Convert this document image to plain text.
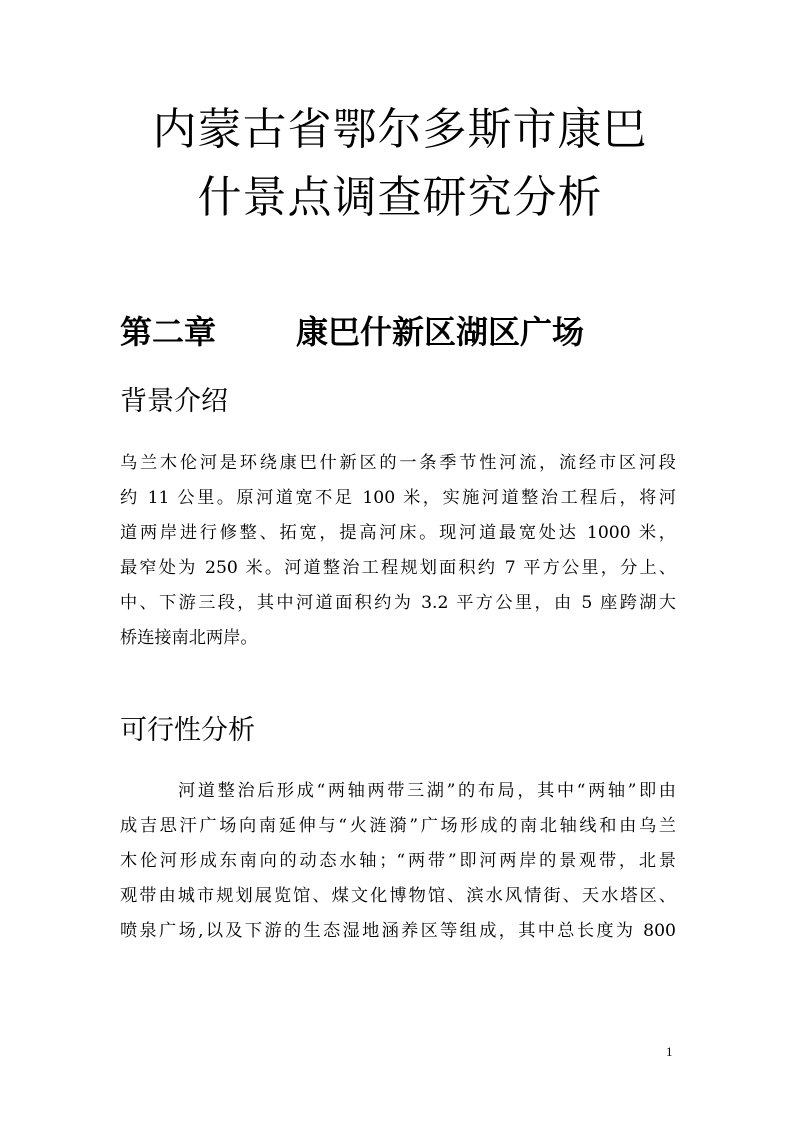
内蒙古省鄂尔多斯市康巴
什景点调查研究分析
第二章 康巴什新区湖区广场
背景介绍
乌兰木伦河是环绕康巴什新区的一条季节性河流，流经市区河段
约 11 公里。原河道宽不足 100 米，实施河道整治工程后，将河
道两岸进行修整、拓宽，提高河床。现河道最宽处达 1000 米，
最窄处为 250 米。河道整治工程规划面积约 7 平方公里，分上、
中、下游三段，其中河道面积约为 3.2 平方公里，由 5 座跨湖大
桥连接南北两岸。
可行性分析
河道整治后形成“两轴两带三湖”的布局，其中“两轴”即由
成吉思汗广场向南延伸与“火涟漪”广场形成的南北轴线和由乌兰
木伦河形成东南向的动态水轴；“两带”即河两岸的景观带，北景
观带由城市规划展览馆、煤文化博物馆、滨水风情街、天水塔区、
喷泉广场,以及下游的生态湿地涵养区等组成，其中总长度为 800
1
